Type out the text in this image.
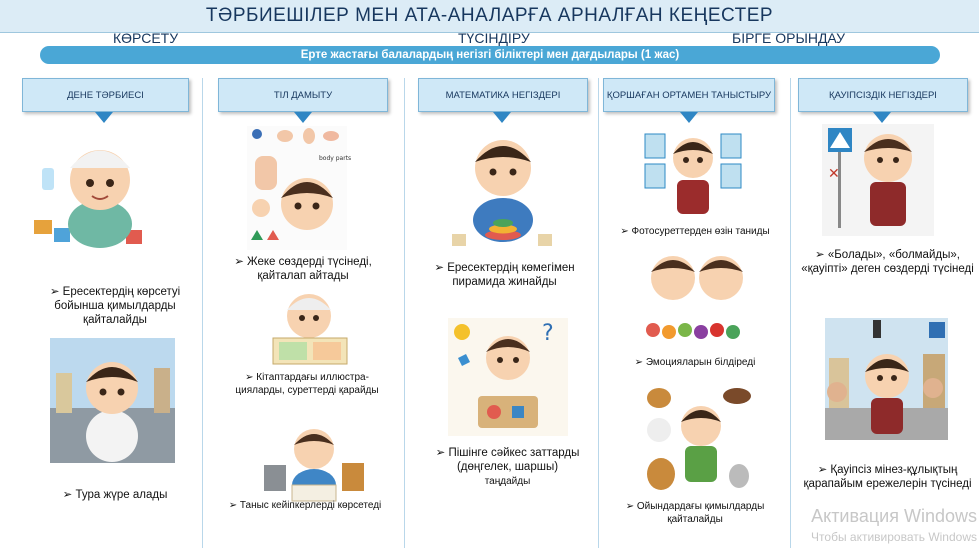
ТӘРБИЕШІЛЕР МЕН АТА-АНАЛАРҒА АРНАЛҒАН КЕҢЕСТЕР
КӨРСЕТУ	ТҮСІНДІРУ	БІРГЕ ОРЫНДАУ
Ерте жастағы балалардың негізгі біліктері мен дағдылары (1 жас)
ДЕНЕ ТӘРБИЕСІ	ТІЛ ДАМЫТУ	МАТЕМАТИКА НЕГІЗДЕРІ	ҚОРШАҒАН ОРТАМЕН ТАНЫСТЫРУ	ҚАУІПСІЗДІК НЕГІЗДЕРІ
➢ Ересектердің көрсетуі бойынша қимылдарды қайталайды
➢ Тура жүре алады
body parts
➢ Жеке сөздерді түсінеді, қайталап айтады
➢ Кітаптардағы иллюстра-цияларды, суреттерді қарайды
➢ Таныс кейіпкерлерді көрсетеді
➢ Ересектердің көмегімен пирамида жинайды
?
➢ Пішінге сәйкес заттарды (дөңгелек, шаршы)
таңдайды
➢ Фотосуреттерден өзін таниды
➢ Эмоцияларын білдіреді
➢ Ойындардағы қимылдарды қайталайды
✕
➢ «Болады», «болмайды», «қауіпті» деген сөздерді түсінеді
➢ Қауіпсіз мінез-құлықтың қарапайым ережелерін түсінеді
Активация Windows
Чтобы активировать Windows
